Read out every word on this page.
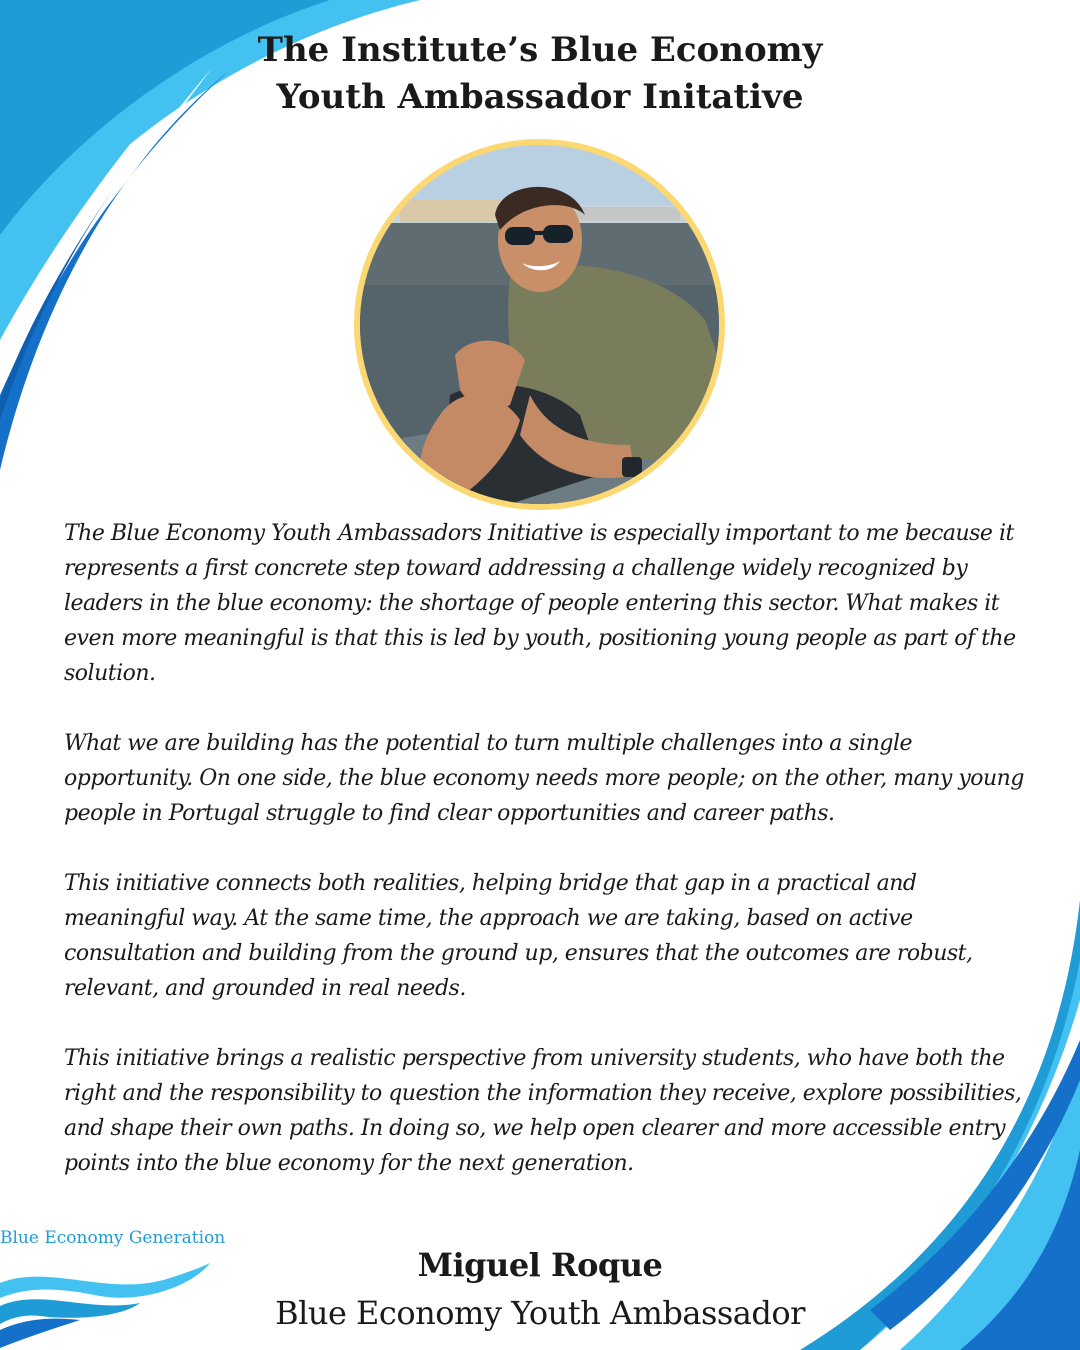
The Institute’s Blue Economy
Youth Ambassador Initative

The Blue Economy Youth Ambassadors Initiative is especially important to me because it represents a first concrete step toward addressing a challenge widely recognized by leaders in the blue economy: the shortage of people entering this sector. What makes it even more meaningful is that this is led by youth, positioning young people as part of the solution.

What we are building has the potential to turn multiple challenges into a single opportunity. On one side, the blue economy needs more people; on the other, many young people in Portugal struggle to find clear opportunities and career paths.

This initiative connects both realities, helping bridge that gap in a practical and meaningful way. At the same time, the approach we are taking, based on active consultation and building from the ground up, ensures that the outcomes are robust, relevant, and grounded in real needs.

This initiative brings a realistic perspective from university students, who have both the right and the responsibility to question the information they receive, explore possibilities, and shape their own paths. In doing so, we help open clearer and more accessible entry points into the blue economy for the next generation.

Blue Economy Generation
Miguel Roque
Blue Economy Youth Ambassador
